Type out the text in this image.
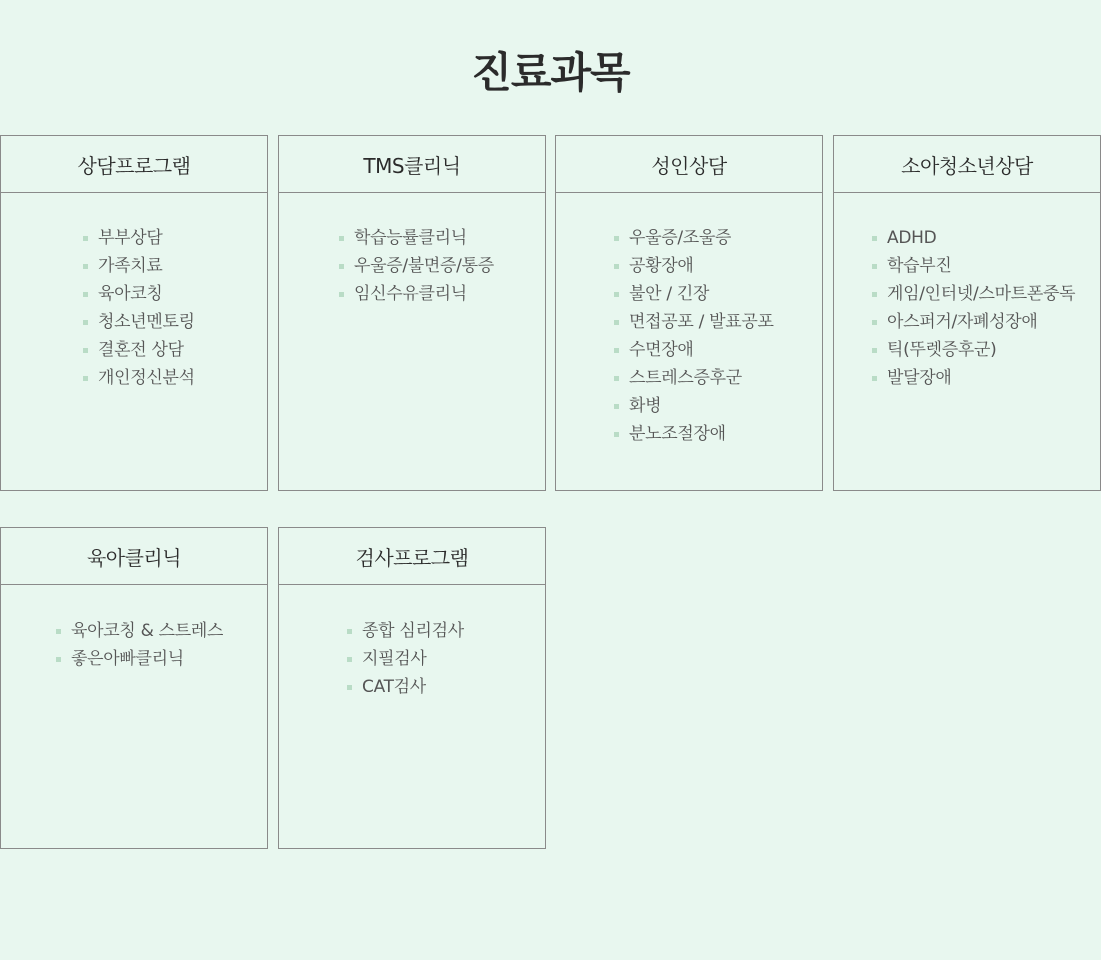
진료과목
상담프로그램
부부상담
가족치료
육아코칭
청소년멘토링
결혼전 상담
개인정신분석
TMS클리닉
학습능률클리닉
우울증/불면증/통증
임신수유클리닉
성인상담
우울증/조울증
공황장애
불안 / 긴장
면접공포 / 발표공포
수면장애
스트레스증후군
화병
분노조절장애
소아청소년상담
ADHD
학습부진
게임/인터넷/스마트폰중독
아스퍼거/자폐성장애
틱(뚜렛증후군)
발달장애
육아클리닉
육아코칭 & 스트레스
좋은아빠클리닉
검사프로그램
종합 심리검사
지필검사
CAT검사
